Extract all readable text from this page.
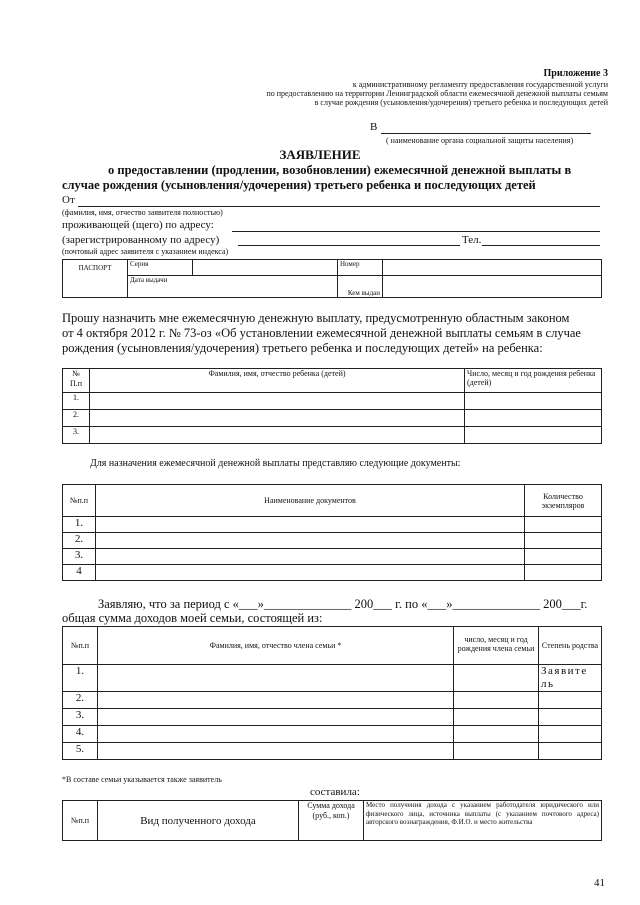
Приложение 3
к административному регламенту предоставления государственной услуги
по предоставлению на территории Ленинградской области ежемесячной денежной выплаты семьям
в случае рождения (усыновления/удочерения) третьего ребенка и последующих детей
В
( наименование органа социальной защиты населения)
ЗАЯВЛЕНИЕ
о предоставлении (продлении, возобновлении) ежемесячной денежной выплаты в
случае рождения (усыновления/удочерения) третьего ребенка и последующих детей
От
(фамилия, имя, отчество заявителя полностью)
проживающей (щего) по адресу:
(зарегистрированному по адресу)	Тел.
(почтовый адрес заявителя с указанием индекса)
ПАСПОРТ	Серия		Номер	
	Дата выдачи		Кем выдан	
Прошу назначить мне ежемесячную денежную выплату, предусмотренную областным законом
от 4 октября 2012 г. № 73-оз «Об установлении ежемесячной денежной выплаты семьям в случае
рождения (усыновления/удочерения) третьего ребенка и последующих детей» на ребенка:
№
П.п	Фамилия, имя, отчество ребенка (детей)	Число, месяц и год рождения ребенка (детей)
1.		
2.		
3.		
Для назначения ежемесячной денежной выплаты представляю следующие документы:
№п.п	Наименование документов	Количество экземпляров
1.		
2.		
3.		
4		
Заявляю, что за период с «___»______________ 200___ г. по «___»______________ 200___г.
общая сумма доходов моей семьи, состоящей из:
№п.п	Фамилия, имя, отчество члена семьи *	число, месяц и год рождения члена семьи	Степень родства
1.			Заявите ль
2.			
3.			
4.			
5.			
*В составе семьи указывается также заявитель
составила:
№п.п	Вид полученного дохода	Сумма дохода (руб., коп.)	Место получения дохода с указанием работодателя юридического или физического лица, источника выплаты (с указанием почтового адреса) авторского вознаграждения, Ф.И.О. и место жительства
41
